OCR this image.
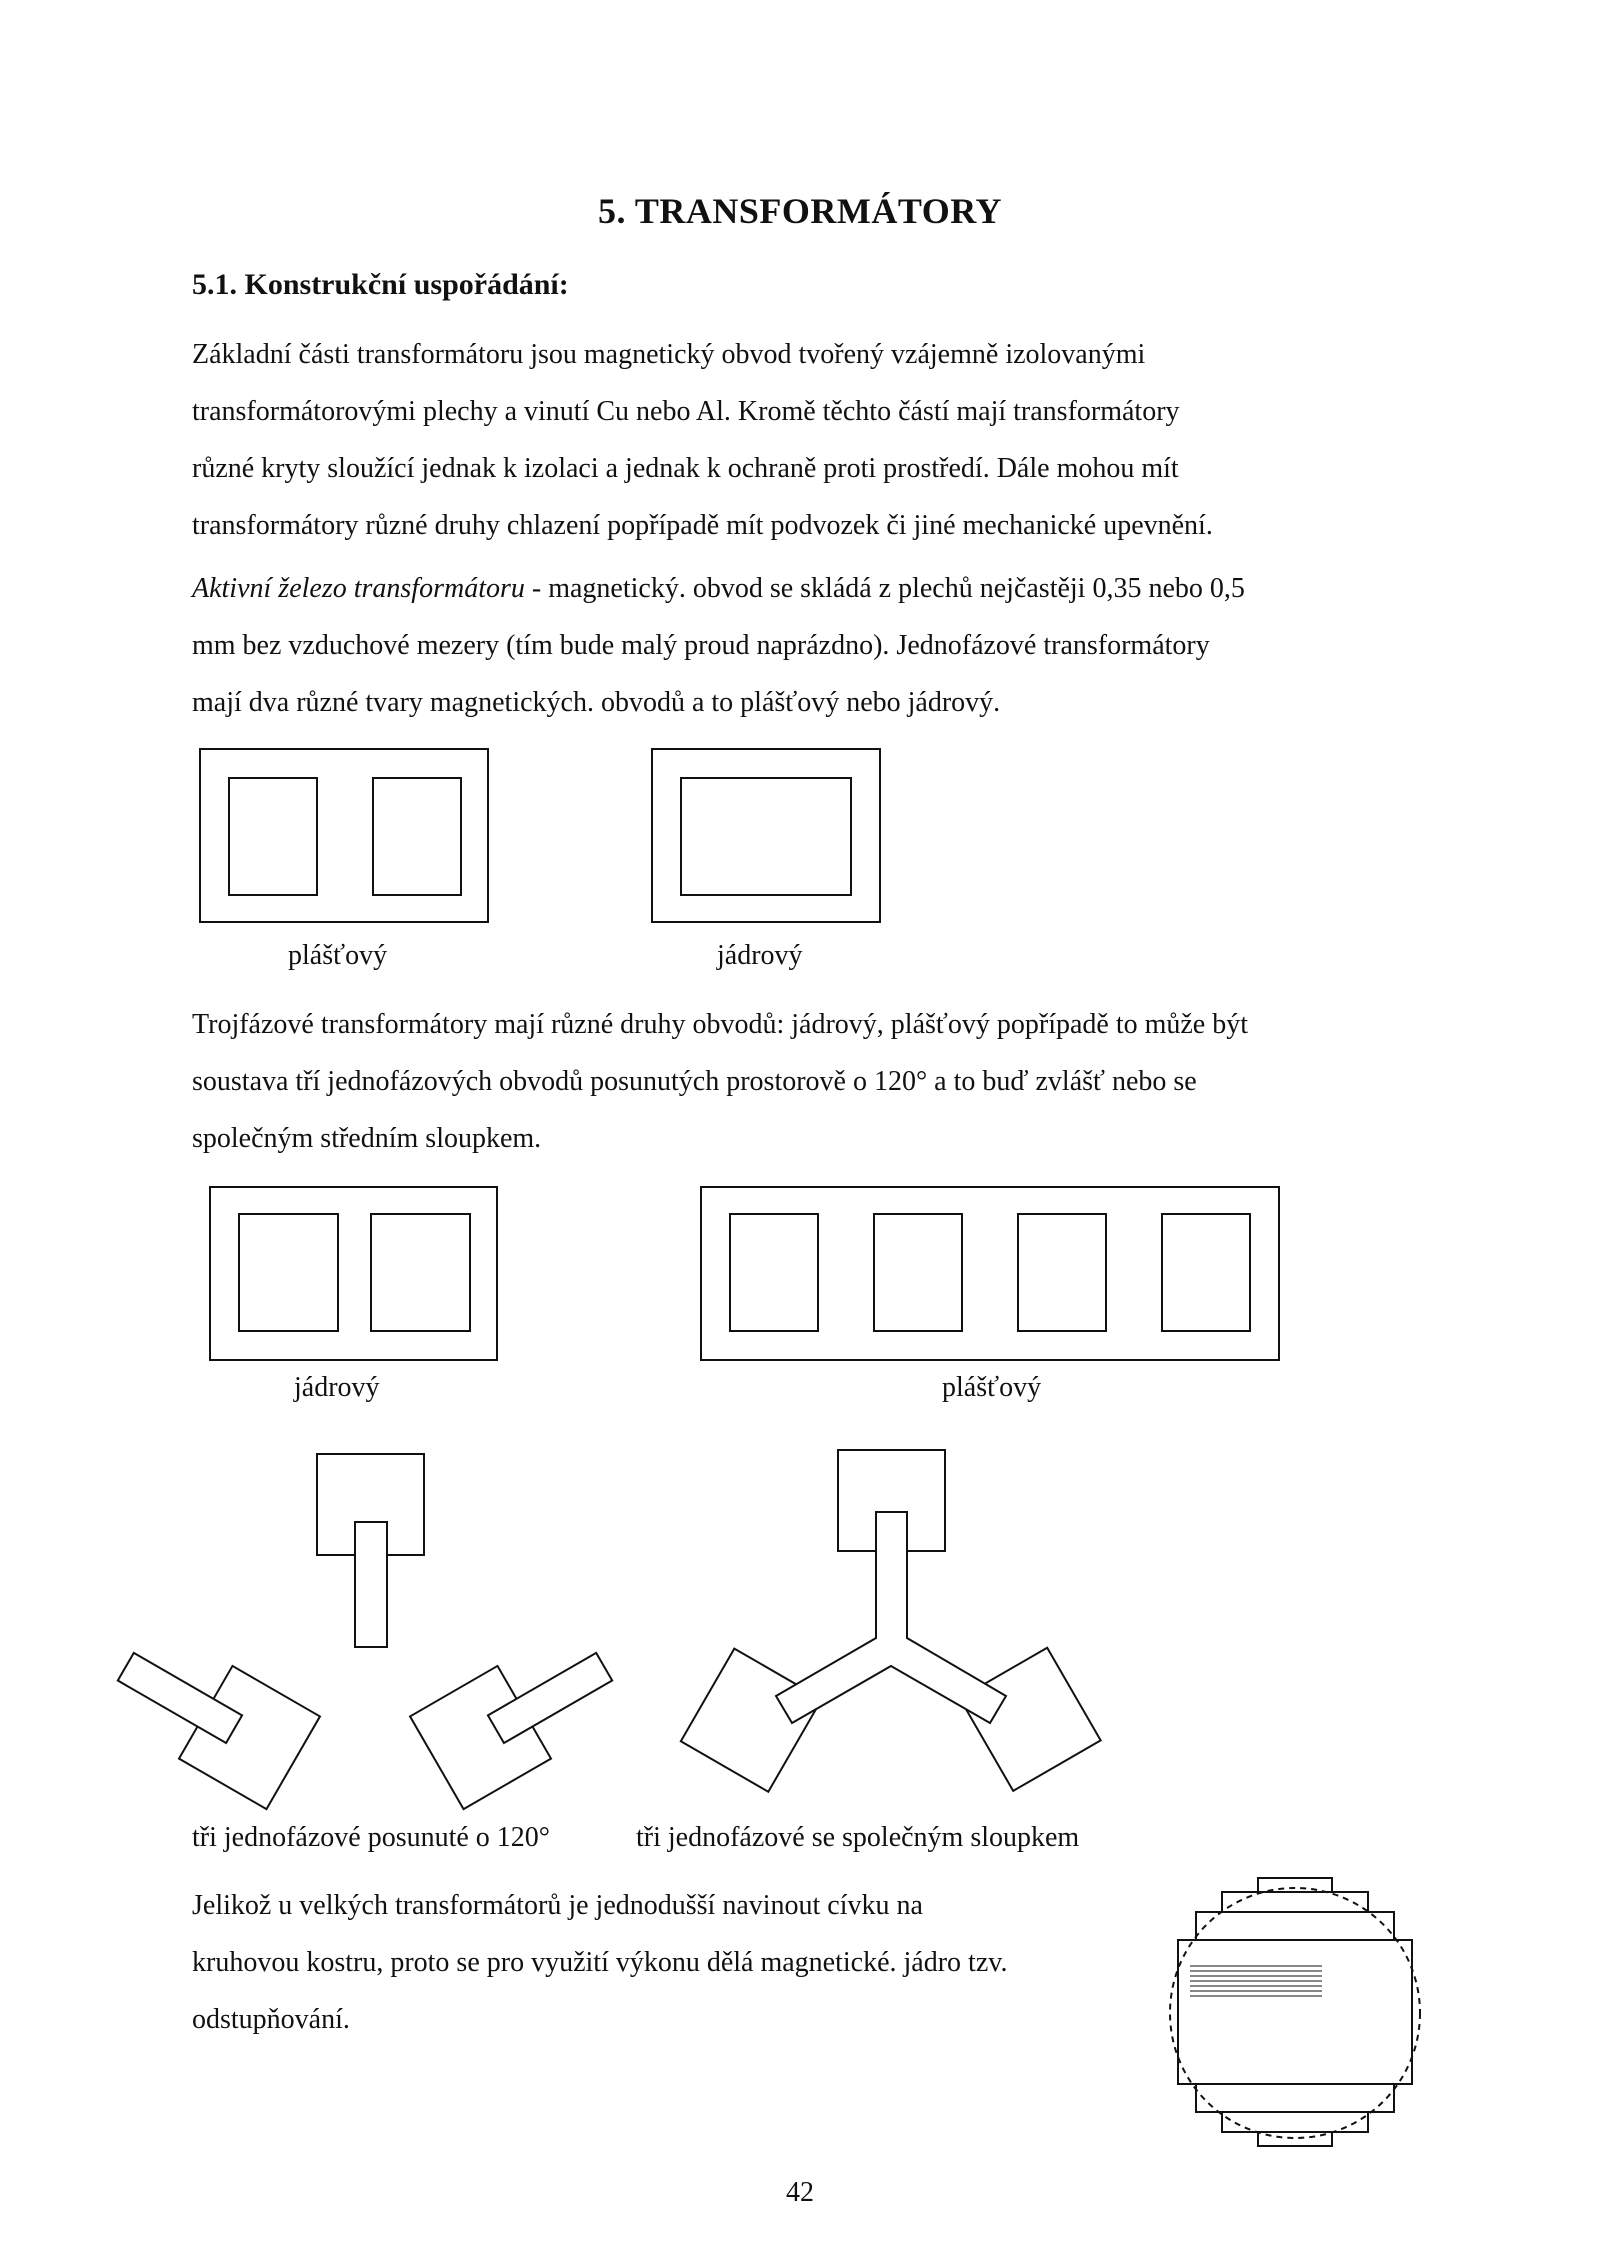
5. TRANSFORMÁTORY
5.1. Konstrukční uspořádání:

Základní části transformátoru jsou magnetický obvod tvořený vzájemně izolovanými

transformátorovými plechy a vinutí Cu nebo Al. Kromě těchto částí mají transformátory

různé kryty sloužící jednak k izolaci a jednak k ochraně proti prostředí. Dále mohou mít

transformátory různé druhy chlazení popřípadě mít podvozek či jiné mechanické upevnění.

Aktivní železo transformátoru - magnetický. obvod se skládá z plechů nejčastěji 0,35 nebo 0,5

mm bez vzduchové mezery (tím bude malý proud naprázdno). Jednofázové transformátory

mají dva různé tvary magnetických. obvodů a to plášťový nebo jádrový.

plášťový	jádrový

Trojfázové transformátory mají různé druhy obvodů: jádrový, plášťový popřípadě to může být

soustava tří jednofázových obvodů posunutých prostorově o 120° a to buď zvlášť nebo se

společným středním sloupkem.

jádrový	plášťový
tři jednofázové posunuté o 120°	tři jednofázové se společným sloupkem

Jelikož u velkých transformátorů je jednodušší navinout cívku na

kruhovou kostru, proto se pro využití výkonu dělá magnetické. jádro tzv.

odstupňování.

42
